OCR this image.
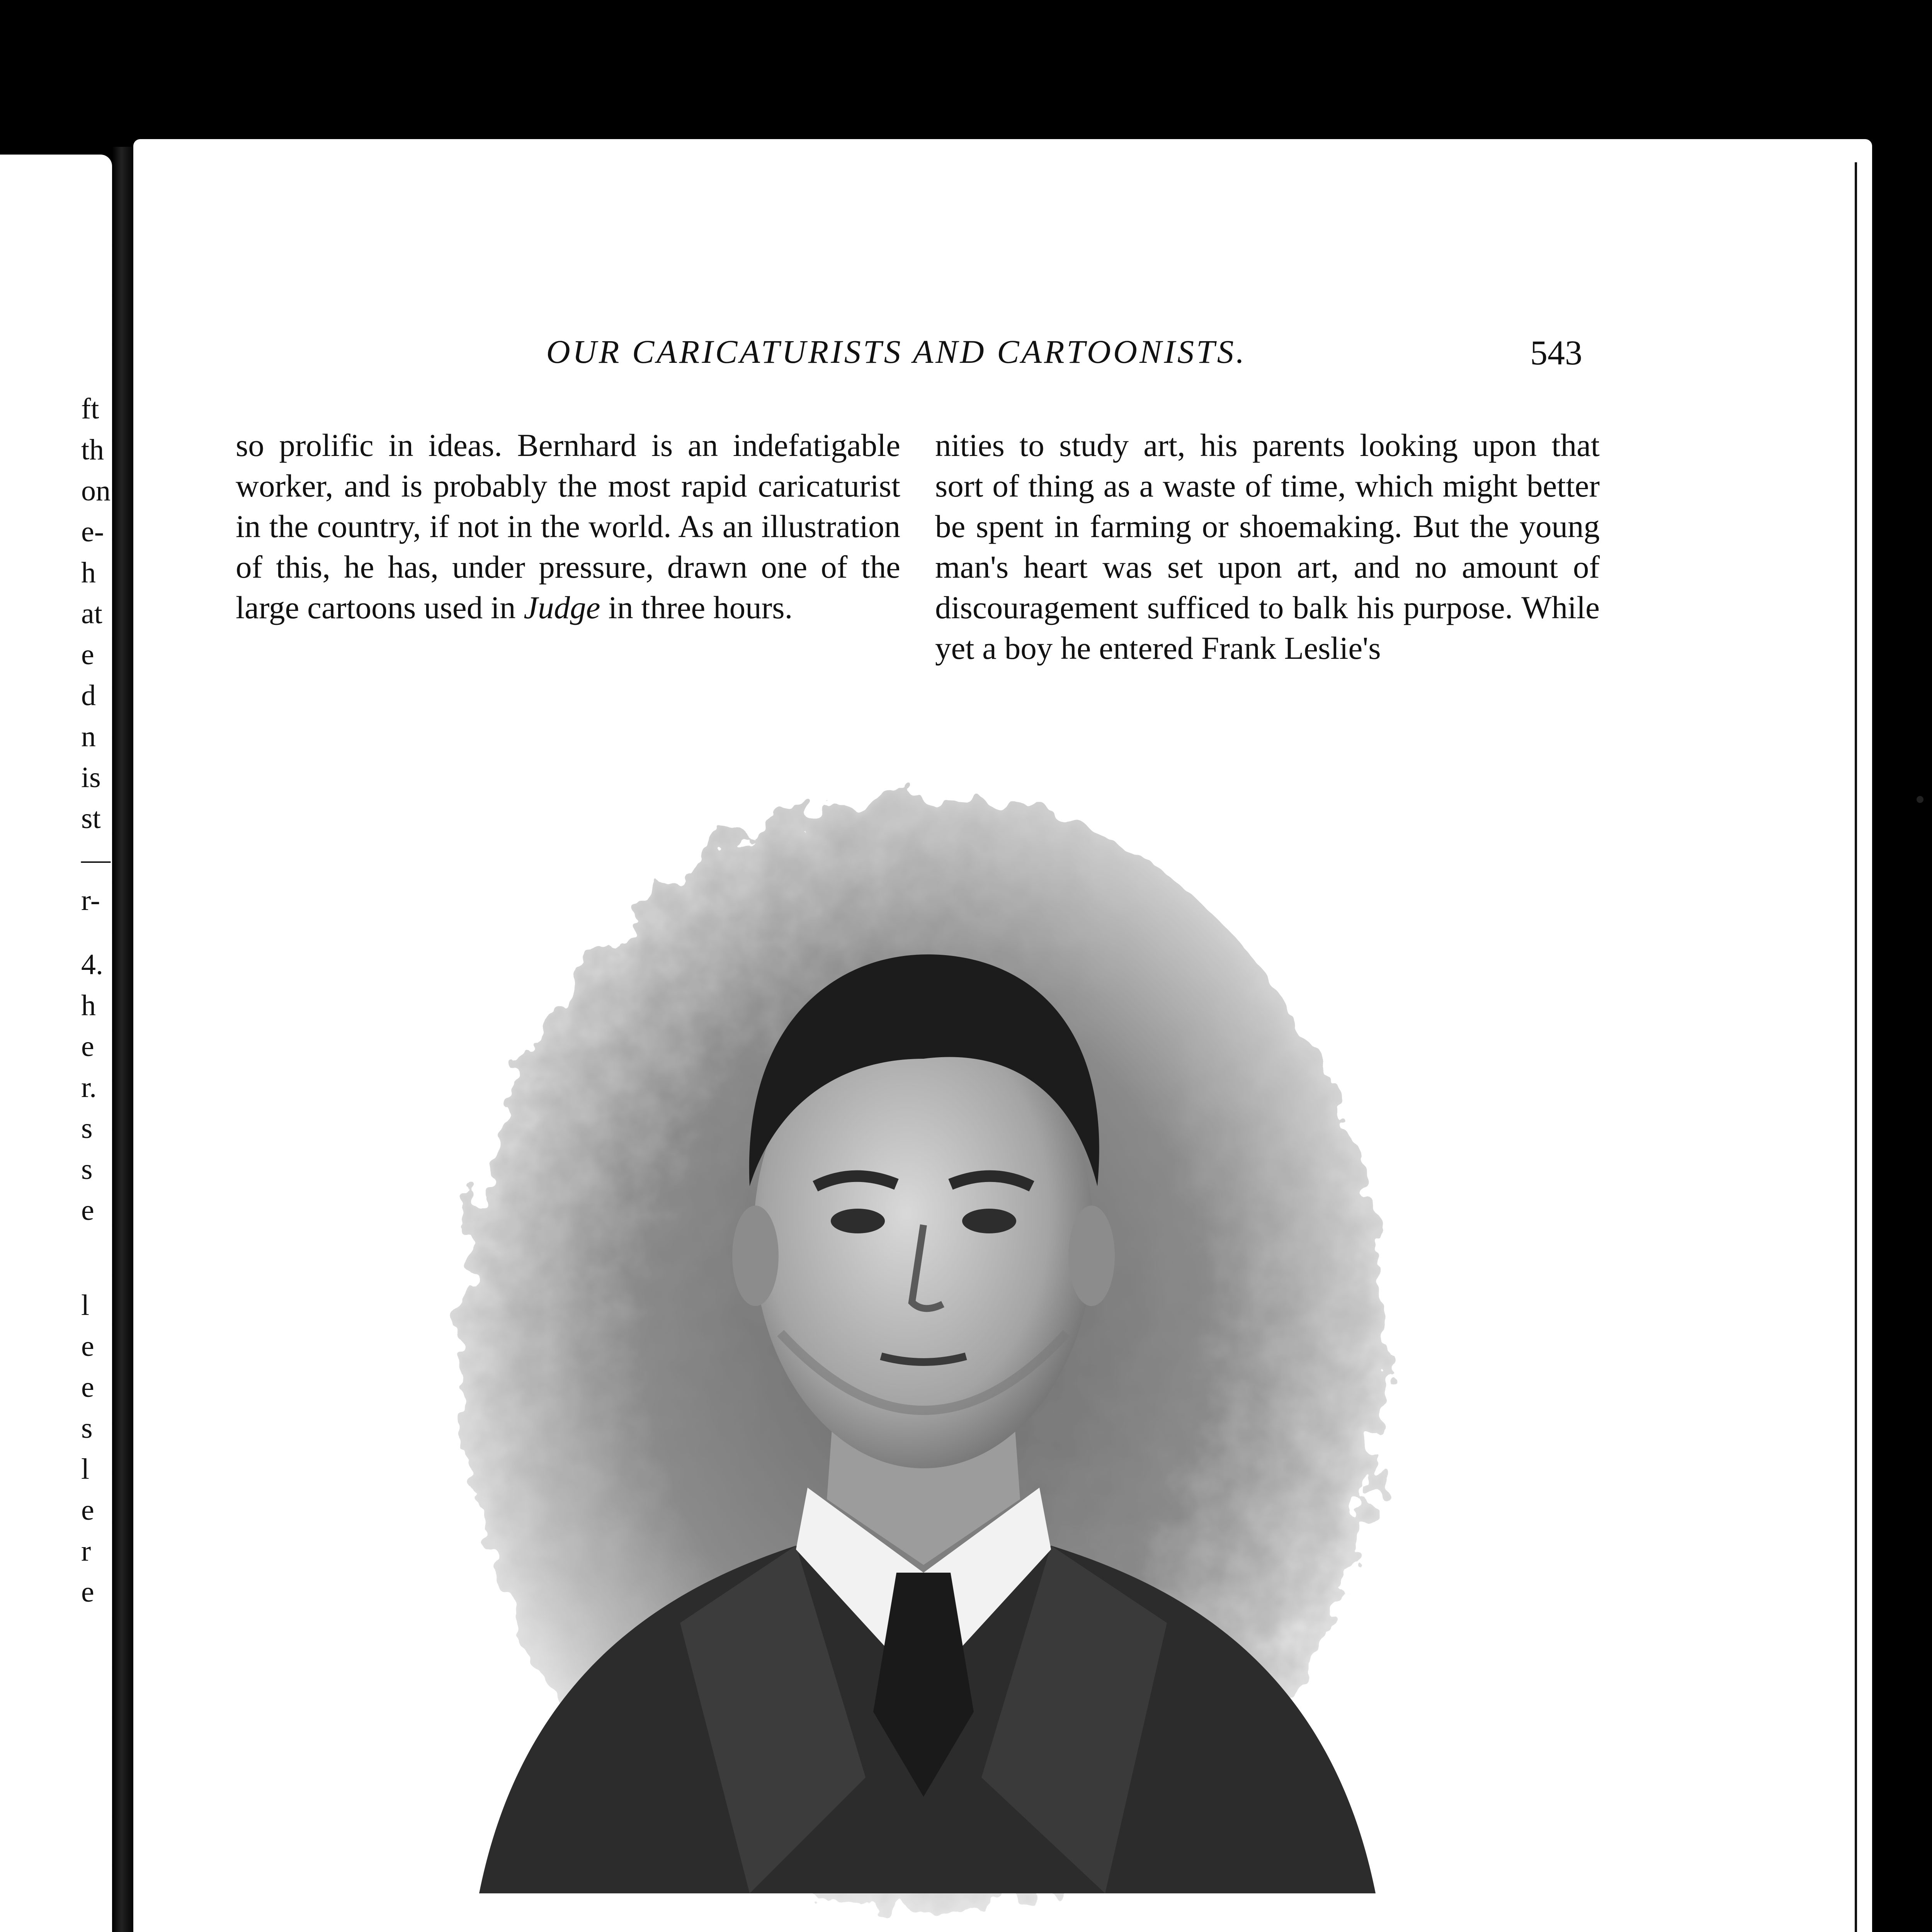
ft
th
on
e-
h
at
e
d
n
is
st
—
r-
4.
h
e
r.
s
s
e
l
e
e
s
l
e
r
e
OUR CARICATURISTS AND CARTOONISTS.	543

so prolific in ideas. Bernhard is an indefatigable worker, and is probably the most rapid caricaturist in the country, if not in the world. As an illustration of this, he has, under pressure, drawn one of the large cartoons used in Judge in three hours.

nities to study art, his parents looking upon that sort of thing as a waste of time, which might better be spent in farming or shoemaking. But the young man's heart was set upon art, and no amount of discouragement sufficed to balk his purpose. While yet a boy he entered Frank Leslie's
